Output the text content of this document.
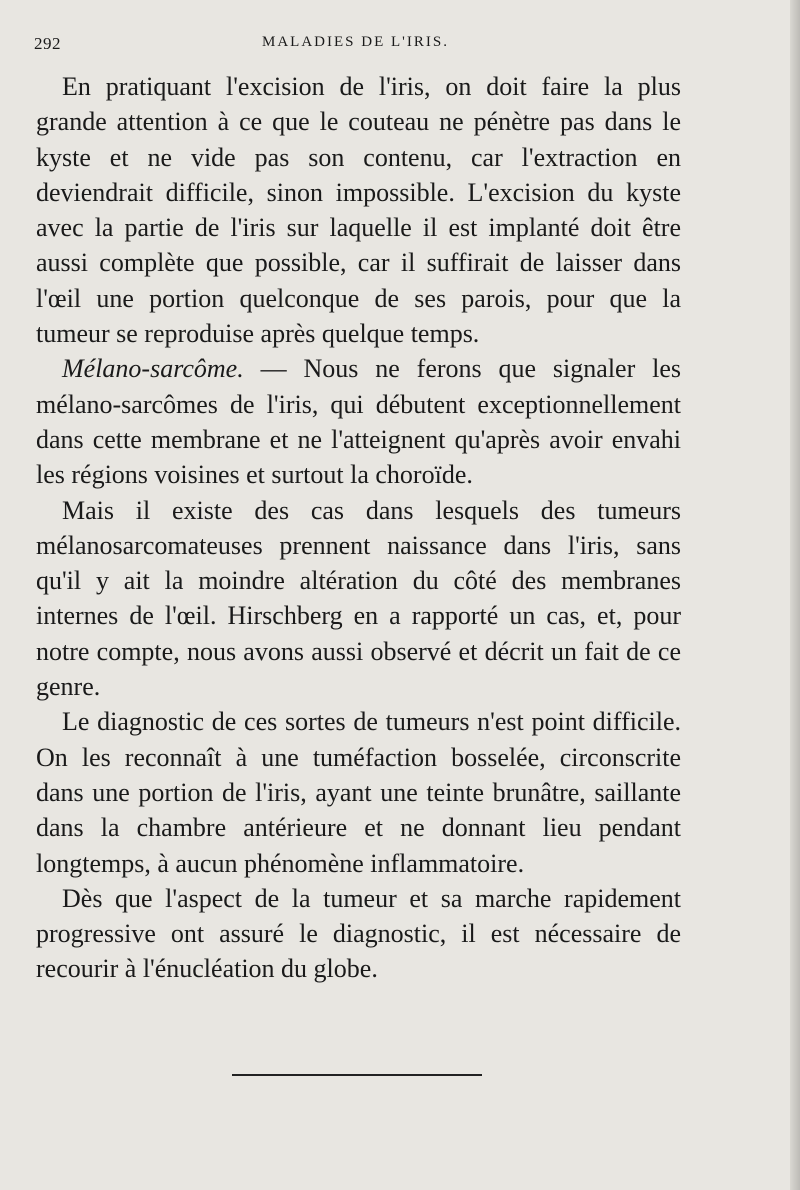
292	MALADIES DE L'IRIS.

En pratiquant l'excision de l'iris, on doit faire la plus grande attention à ce que le couteau ne pénètre pas dans le kyste et ne vide pas son contenu, car l'extraction en deviendrait difficile, sinon impossible. L'excision du kyste avec la partie de l'iris sur laquelle il est implanté doit être aussi complète que possible, car il suffirait de laisser dans l'œil une portion quelconque de ses parois, pour que la tumeur se reproduise après quelque temps.

Mélano-sarcôme. — Nous ne ferons que signaler les mélano-sarcômes de l'iris, qui débutent exceptionnellement dans cette membrane et ne l'atteignent qu'après avoir envahi les régions voisines et surtout la choroïde.

Mais il existe des cas dans lesquels des tumeurs mélanosarcomateuses prennent naissance dans l'iris, sans qu'il y ait la moindre altération du côté des membranes internes de l'œil. Hirschberg en a rapporté un cas, et, pour notre compte, nous avons aussi observé et décrit un fait de ce genre.

Le diagnostic de ces sortes de tumeurs n'est point difficile. On les reconnaît à une tuméfaction bosselée, circonscrite dans une portion de l'iris, ayant une teinte brunâtre, saillante dans la chambre antérieure et ne donnant lieu pendant longtemps, à aucun phénomène inflammatoire.

Dès que l'aspect de la tumeur et sa marche rapidement progressive ont assuré le diagnostic, il est nécessaire de recourir à l'énucléation du globe.
